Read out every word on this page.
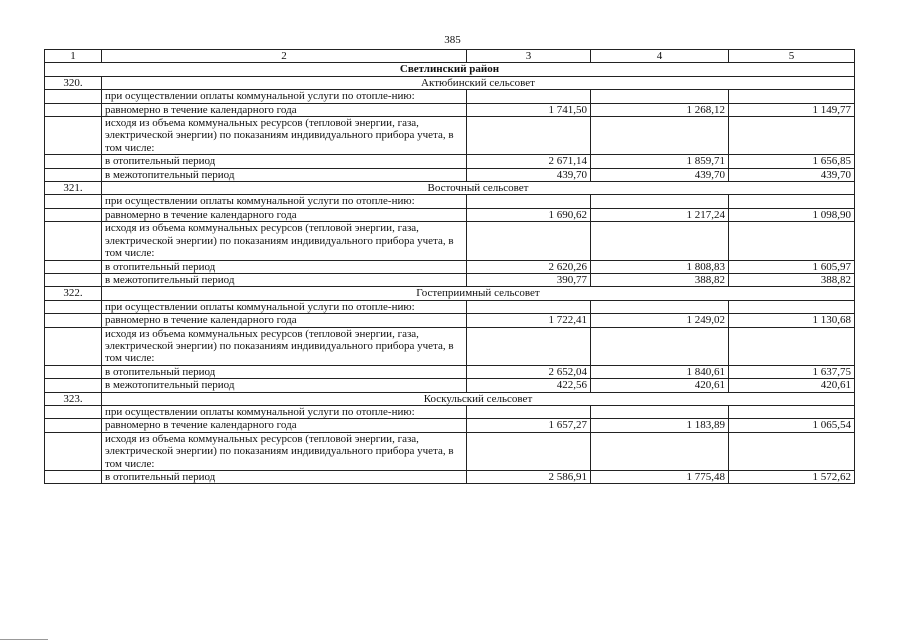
385
1	2	3	4	5
Светлинский район				
320.	Актюбинский сельсовет			
	при осуществлении оплаты коммунальной услуги по отопле-нию:			
	равномерно в течение календарного года	1 741,50	1 268,12	1 149,77
	исходя из объема коммунальных ресурсов (тепловой энергии, газа, электрической энергии) по показаниям индивидуального прибора учета, в том числе:			
	в отопительный период	2 671,14	1 859,71	1 656,85
	в межотопительный период	439,70	439,70	439,70
321.	Восточный сельсовет			
	при осуществлении оплаты коммунальной услуги по отопле-нию:			
	равномерно в течение календарного года	1 690,62	1 217,24	1 098,90
	исходя из объема коммунальных ресурсов (тепловой энергии, газа, электрической энергии) по показаниям индивидуального прибора учета, в том числе:			
	в отопительный период	2 620,26	1 808,83	1 605,97
	в межотопительный период	390,77	388,82	388,82
322.	Гостеприимный сельсовет			
	при осуществлении оплаты коммунальной услуги по отопле-нию:			
	равномерно в течение календарного года	1 722,41	1 249,02	1 130,68
	исходя из объема коммунальных ресурсов (тепловой энергии, газа, электрической энергии) по показаниям индивидуального прибора учета, в том числе:			
	в отопительный период	2 652,04	1 840,61	1 637,75
	в межотопительный период	422,56	420,61	420,61
323.	Коскульский сельсовет			
	при осуществлении оплаты коммунальной услуги по отопле-нию:			
	равномерно в течение календарного года	1 657,27	1 183,89	1 065,54
	исходя из объема коммунальных ресурсов (тепловой энергии, газа, электрической энергии) по показаниям индивидуального прибора учета, в том числе:			
	в отопительный период	2 586,91	1 775,48	1 572,62
